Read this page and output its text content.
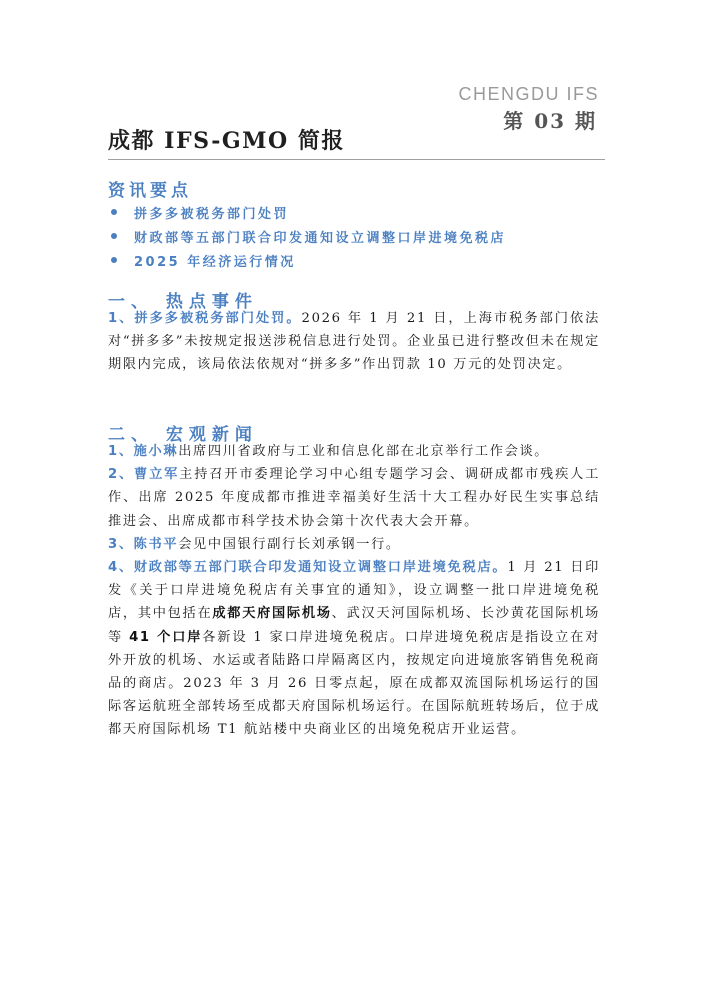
CHENGDU IFS
第 03 期
成都 IFS-GMO 简报
资讯要点
拼多多被税务部门处罚
财政部等五部门联合印发通知设立调整口岸进境免税店
2025 年经济运行情况
一、 热点事件
1、拼多多被税务部门处罚。2026 年 1 月 21 日，上海市税务部门依法对“拼多多”未按规定报送涉税信息进行处罚。企业虽已进行整改但未在规定期限内完成，该局依法依规对“拼多多”作出罚款 10 万元的处罚决定。
二、 宏观新闻
1、施小琳出席四川省政府与工业和信息化部在北京举行工作会谈。
2、曹立军主持召开市委理论学习中心组专题学习会、调研成都市残疾人工作、出席 2025 年度成都市推进幸福美好生活十大工程办好民生实事总结推进会、出席成都市科学技术协会第十次代表大会开幕。
3、陈书平会见中国银行副行长刘承钢一行。
4、财政部等五部门联合印发通知设立调整口岸进境免税店。1 月 21 日印发《关于口岸进境免税店有关事宜的通知》，设立调整一批口岸进境免税店，其中包括在成都天府国际机场、武汉天河国际机场、长沙黄花国际机场等 41 个口岸各新设 1 家口岸进境免税店。口岸进境免税店是指设立在对外开放的机场、水运或者陆路口岸隔离区内，按规定向进境旅客销售免税商品的商店。2023 年 3 月 26 日零点起，原在成都双流国际机场运行的国际客运航班全部转场至成都天府国际机场运行。在国际航班转场后，位于成都天府国际机场 T1 航站楼中央商业区的出境免税店开业运营。
